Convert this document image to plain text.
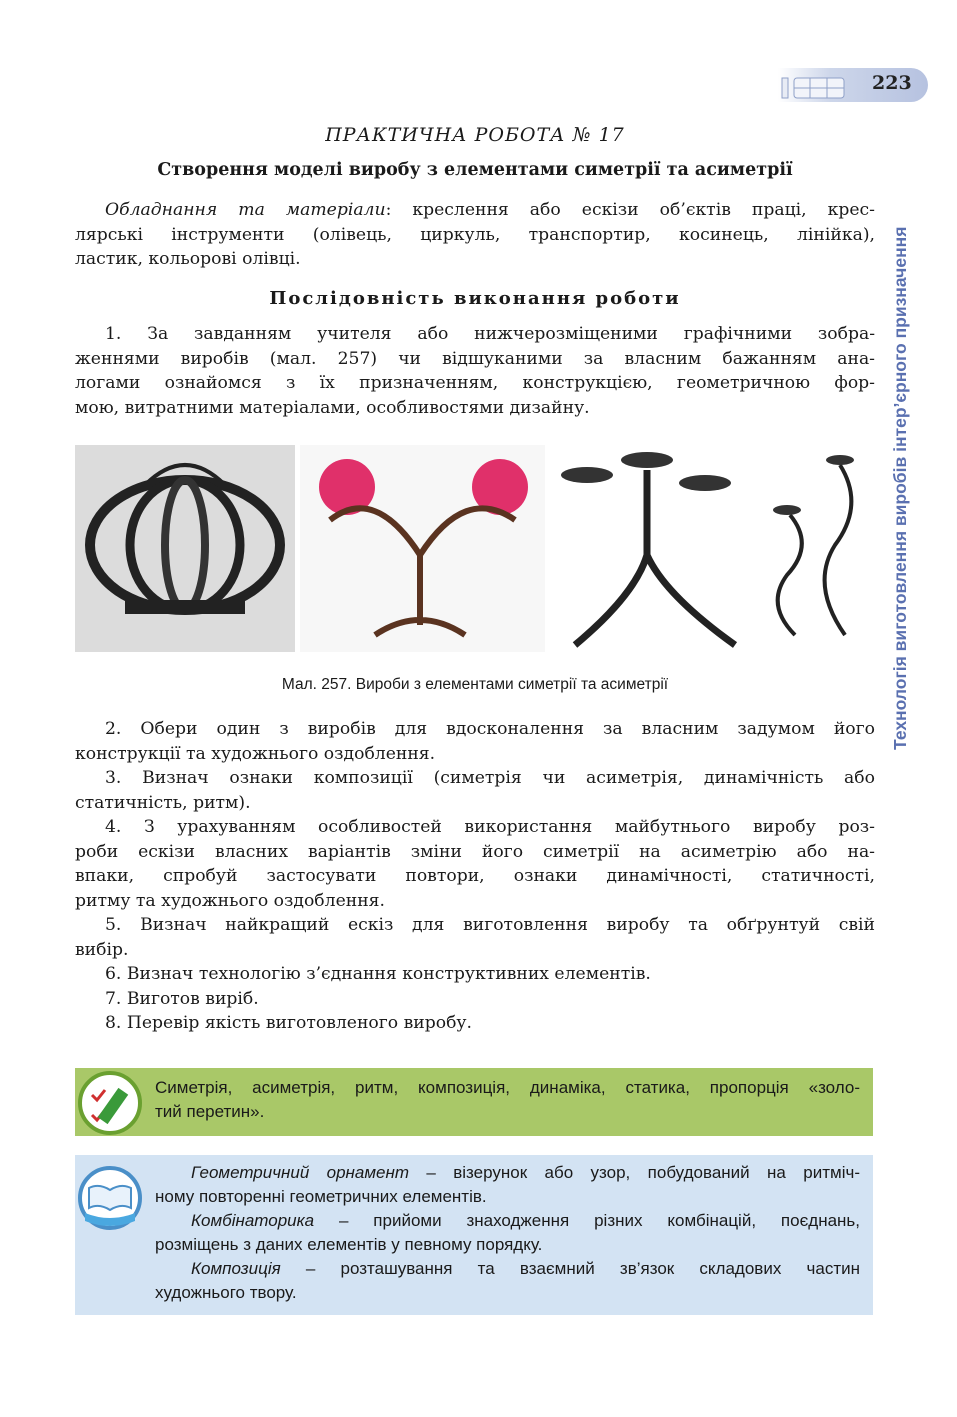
223
Технологія виготовлення виробів інтер’єрного призначення
ПРАКТИЧНА РОБОТА № 17
Створення моделі виробу з елементами симетрії та асиметрії
Обладнання та матеріали: креслення або ескізи об’єктів праці, крес-
лярські інструменти (олівець, циркуль, транспортир, косинець, лінійка),
ластик, кольорові олівці.
Послідовність виконання роботи
1. За завданням учителя або нижчерозміщеними графічними зобра-
женнями виробів (мал. 257) чи відшуканими за власним бажанням ана-
логами ознайомся з їх призначенням, конструкцією, геометричною фор-
мою, витратними матеріалами, особливостями дизайну.
Мал. 257. Вироби з елементами симетрії та асиметрії
2. Обери один з виробів для вдосконалення за власним задумом його
конструкції та художнього оздоблення.
3. Визнач ознаки композиції (симетрія чи асиметрія, динамічність або
статичність, ритм).
4. З урахуванням особливостей використання майбутнього виробу роз-
роби ескізи власних варіантів зміни його симетрії на асиметрію або на-
впаки, спробуй застосувати повтори, ознаки динамічності, статичності,
ритму та художнього оздоблення.
5. Визнач найкращий ескіз для виготовлення виробу та обґрунтуй свій
вибір.
6. Визнач технологію з’єднання конструктивних елементів.
7. Виготов виріб.
8. Перевір якість виготовленого виробу.
Симетрія, асиметрія, ритм, композиція, динаміка, статика, пропорція «золо-
тий перетин».
Геометричний орнамент – візерунок або узор, побудований на ритміч-
ному повторенні геометричних елементів.
Комбінаторика – прийоми знаходження різних комбінацій, поєднань,
розміщень з даних елементів у певному порядку.
Композиція – розташування та взаємний зв’язок складових частин
художнього твору.
